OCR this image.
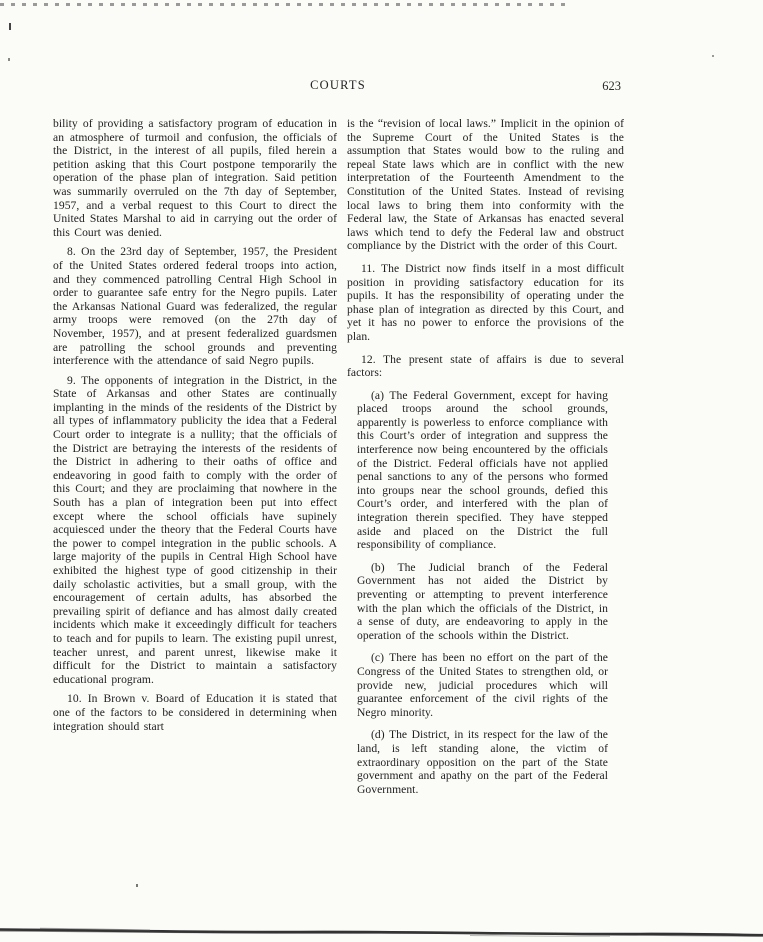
COURTS	623

bility of providing a satisfactory program of education in an atmosphere of turmoil and confusion, the officials of the District, in the interest of all pupils, filed herein a petition asking that this Court postpone temporarily the operation of the phase plan of integration. Said petition was summarily overruled on the 7th day of September, 1957, and a verbal request to this Court to direct the United States Marshal to aid in carrying out the order of this Court was denied.

8. On the 23rd day of September, 1957, the President of the United States ordered federal troops into action, and they commenced patrolling Central High School in order to guarantee safe entry for the Negro pupils. Later the Arkansas National Guard was federalized, the regular army troops were removed (on the 27th day of November, 1957), and at present federalized guardsmen are patrolling the school grounds and preventing interference with the attendance of said Negro pupils.

9. The opponents of integration in the District, in the State of Arkansas and other States are continually implanting in the minds of the residents of the District by all types of inflammatory publicity the idea that a Federal Court order to integrate is a nullity; that the officials of the District are betraying the interests of the residents of the District in adhering to their oaths of office and endeavoring in good faith to comply with the order of this Court; and they are proclaiming that nowhere in the South has a plan of integration been put into effect except where the school officials have supinely acquiesced under the theory that the Federal Courts have the power to compel integration in the public schools. A large majority of the pupils in Central High School have exhibited the highest type of good citizenship in their daily scholastic activities, but a small group, with the encouragement of certain adults, has absorbed the prevailing spirit of defiance and has almost daily created incidents which make it exceedingly difficult for teachers to teach and for pupils to learn. The existing pupil unrest, teacher unrest, and parent unrest, likewise make it difficult for the District to maintain a satisfactory educational program.

10. In Brown v. Board of Education it is stated that one of the factors to be considered in determining when integration should start

is the “revision of local laws.” Implicit in the opinion of the Supreme Court of the United States is the assumption that States would bow to the ruling and repeal State laws which are in conflict with the new interpretation of the Fourteenth Amendment to the Constitution of the United States. Instead of revising local laws to bring them into conformity with the Federal law, the State of Arkansas has enacted several laws which tend to defy the Federal law and obstruct compliance by the District with the order of this Court.

11. The District now finds itself in a most difficult position in providing satisfactory education for its pupils. It has the responsibility of operating under the phase plan of integration as directed by this Court, and yet it has no power to enforce the provisions of the plan.

12. The present state of affairs is due to several factors:

(a) The Federal Government, except for having placed troops around the school grounds, apparently is powerless to enforce compliance with this Court’s order of integration and suppress the interference now being encountered by the officials of the District. Federal officials have not applied penal sanctions to any of the persons who formed into groups near the school grounds, defied this Court’s order, and interfered with the plan of integration therein specified. They have stepped aside and placed on the District the full responsibility of compliance.

(b) The Judicial branch of the Federal Government has not aided the District by preventing or attempting to prevent interference with the plan which the officials of the District, in a sense of duty, are endeavoring to apply in the operation of the schools within the District.

(c) There has been no effort on the part of the Congress of the United States to strengthen old, or provide new, judicial procedures which will guarantee enforcement of the civil rights of the Negro minority.

(d) The District, in its respect for the law of the land, is left standing alone, the victim of extraordinary opposition on the part of the State government and apathy on the part of the Federal Government.
